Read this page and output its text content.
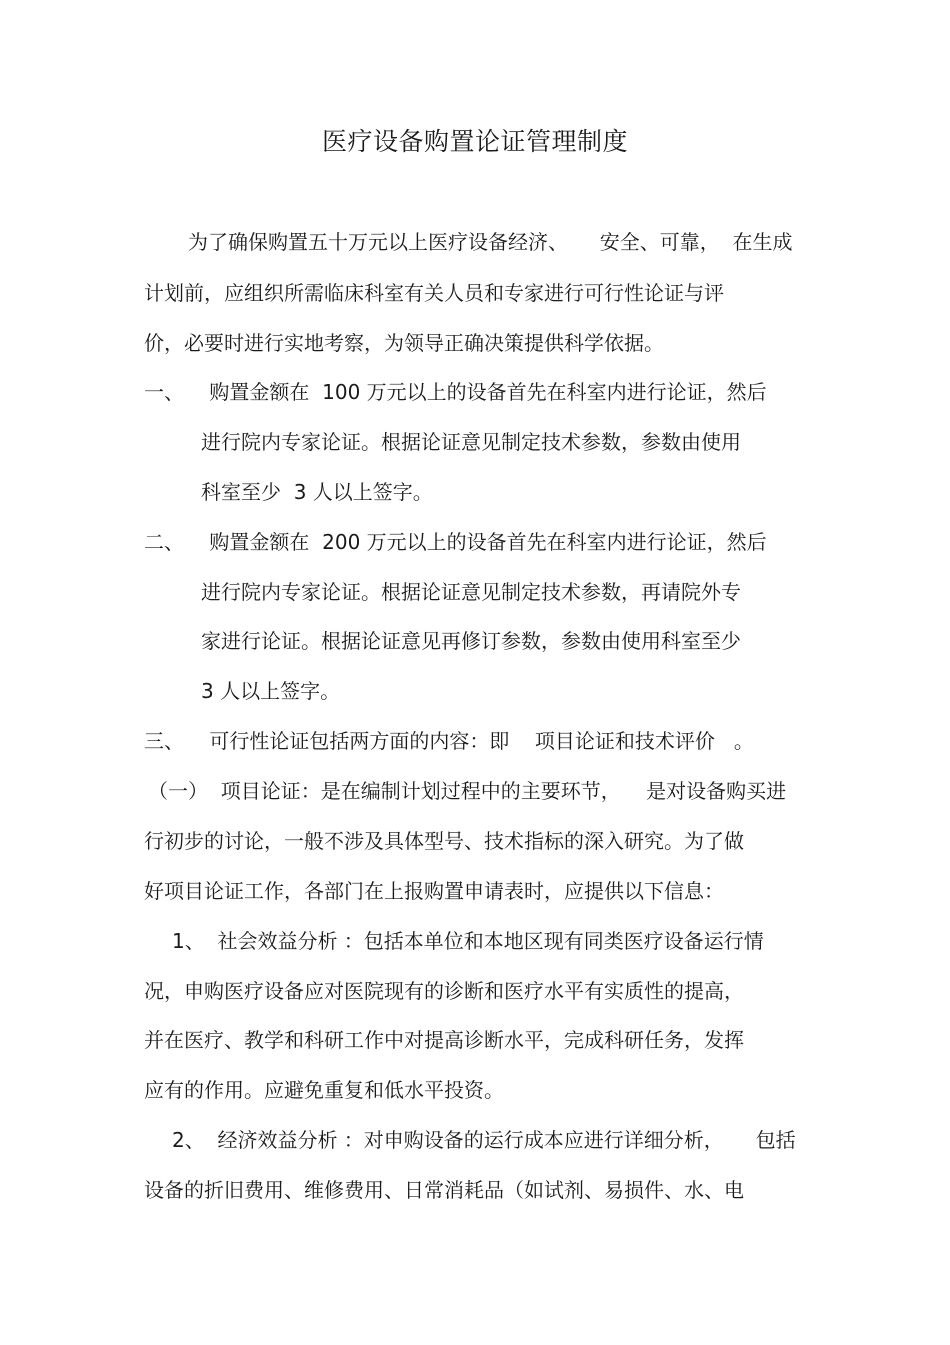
医疗设备购置论证管理制度
为了确保购置五十万元以上医疗设备经济、     安全、可靠，  在生成
计划前，应组织所需临床科室有关人员和专家进行可行性论证与评
价，必要时进行实地考察，为领导正确决策提供科学依据。
一、    购置金额在  100 万元以上的设备首先在科室内进行论证，然后
进行院内专家论证。根据论证意见制定技术参数，参数由使用
科室至少  3 人以上签字。
二、    购置金额在  200 万元以上的设备首先在科室内进行论证，然后
进行院内专家论证。根据论证意见制定技术参数，再请院外专
家进行论证。根据论证意见再修订参数，参数由使用科室至少
3 人以上签字。
三、    可行性论证包括两方面的内容：即    项目论证和技术评价   。
（一）  项目论证：是在编制计划过程中的主要环节，    是对设备购买进
行初步的讨论，一般不涉及具体型号、技术指标的深入研究。为了做
好项目论证工作，各部门在上报购置申请表时，应提供以下信息：
1、  社会效益分析 ：包括本单位和本地区现有同类医疗设备运行情
况，申购医疗设备应对医院现有的诊断和医疗水平有实质性的提高，
并在医疗、教学和科研工作中对提高诊断水平，完成科研任务，发挥
应有的作用。应避免重复和低水平投资。
2、  经济效益分析 ：对申购设备的运行成本应进行详细分析，     包括
设备的折旧费用、维修费用、日常消耗品（如试剂、易损件、水、电
